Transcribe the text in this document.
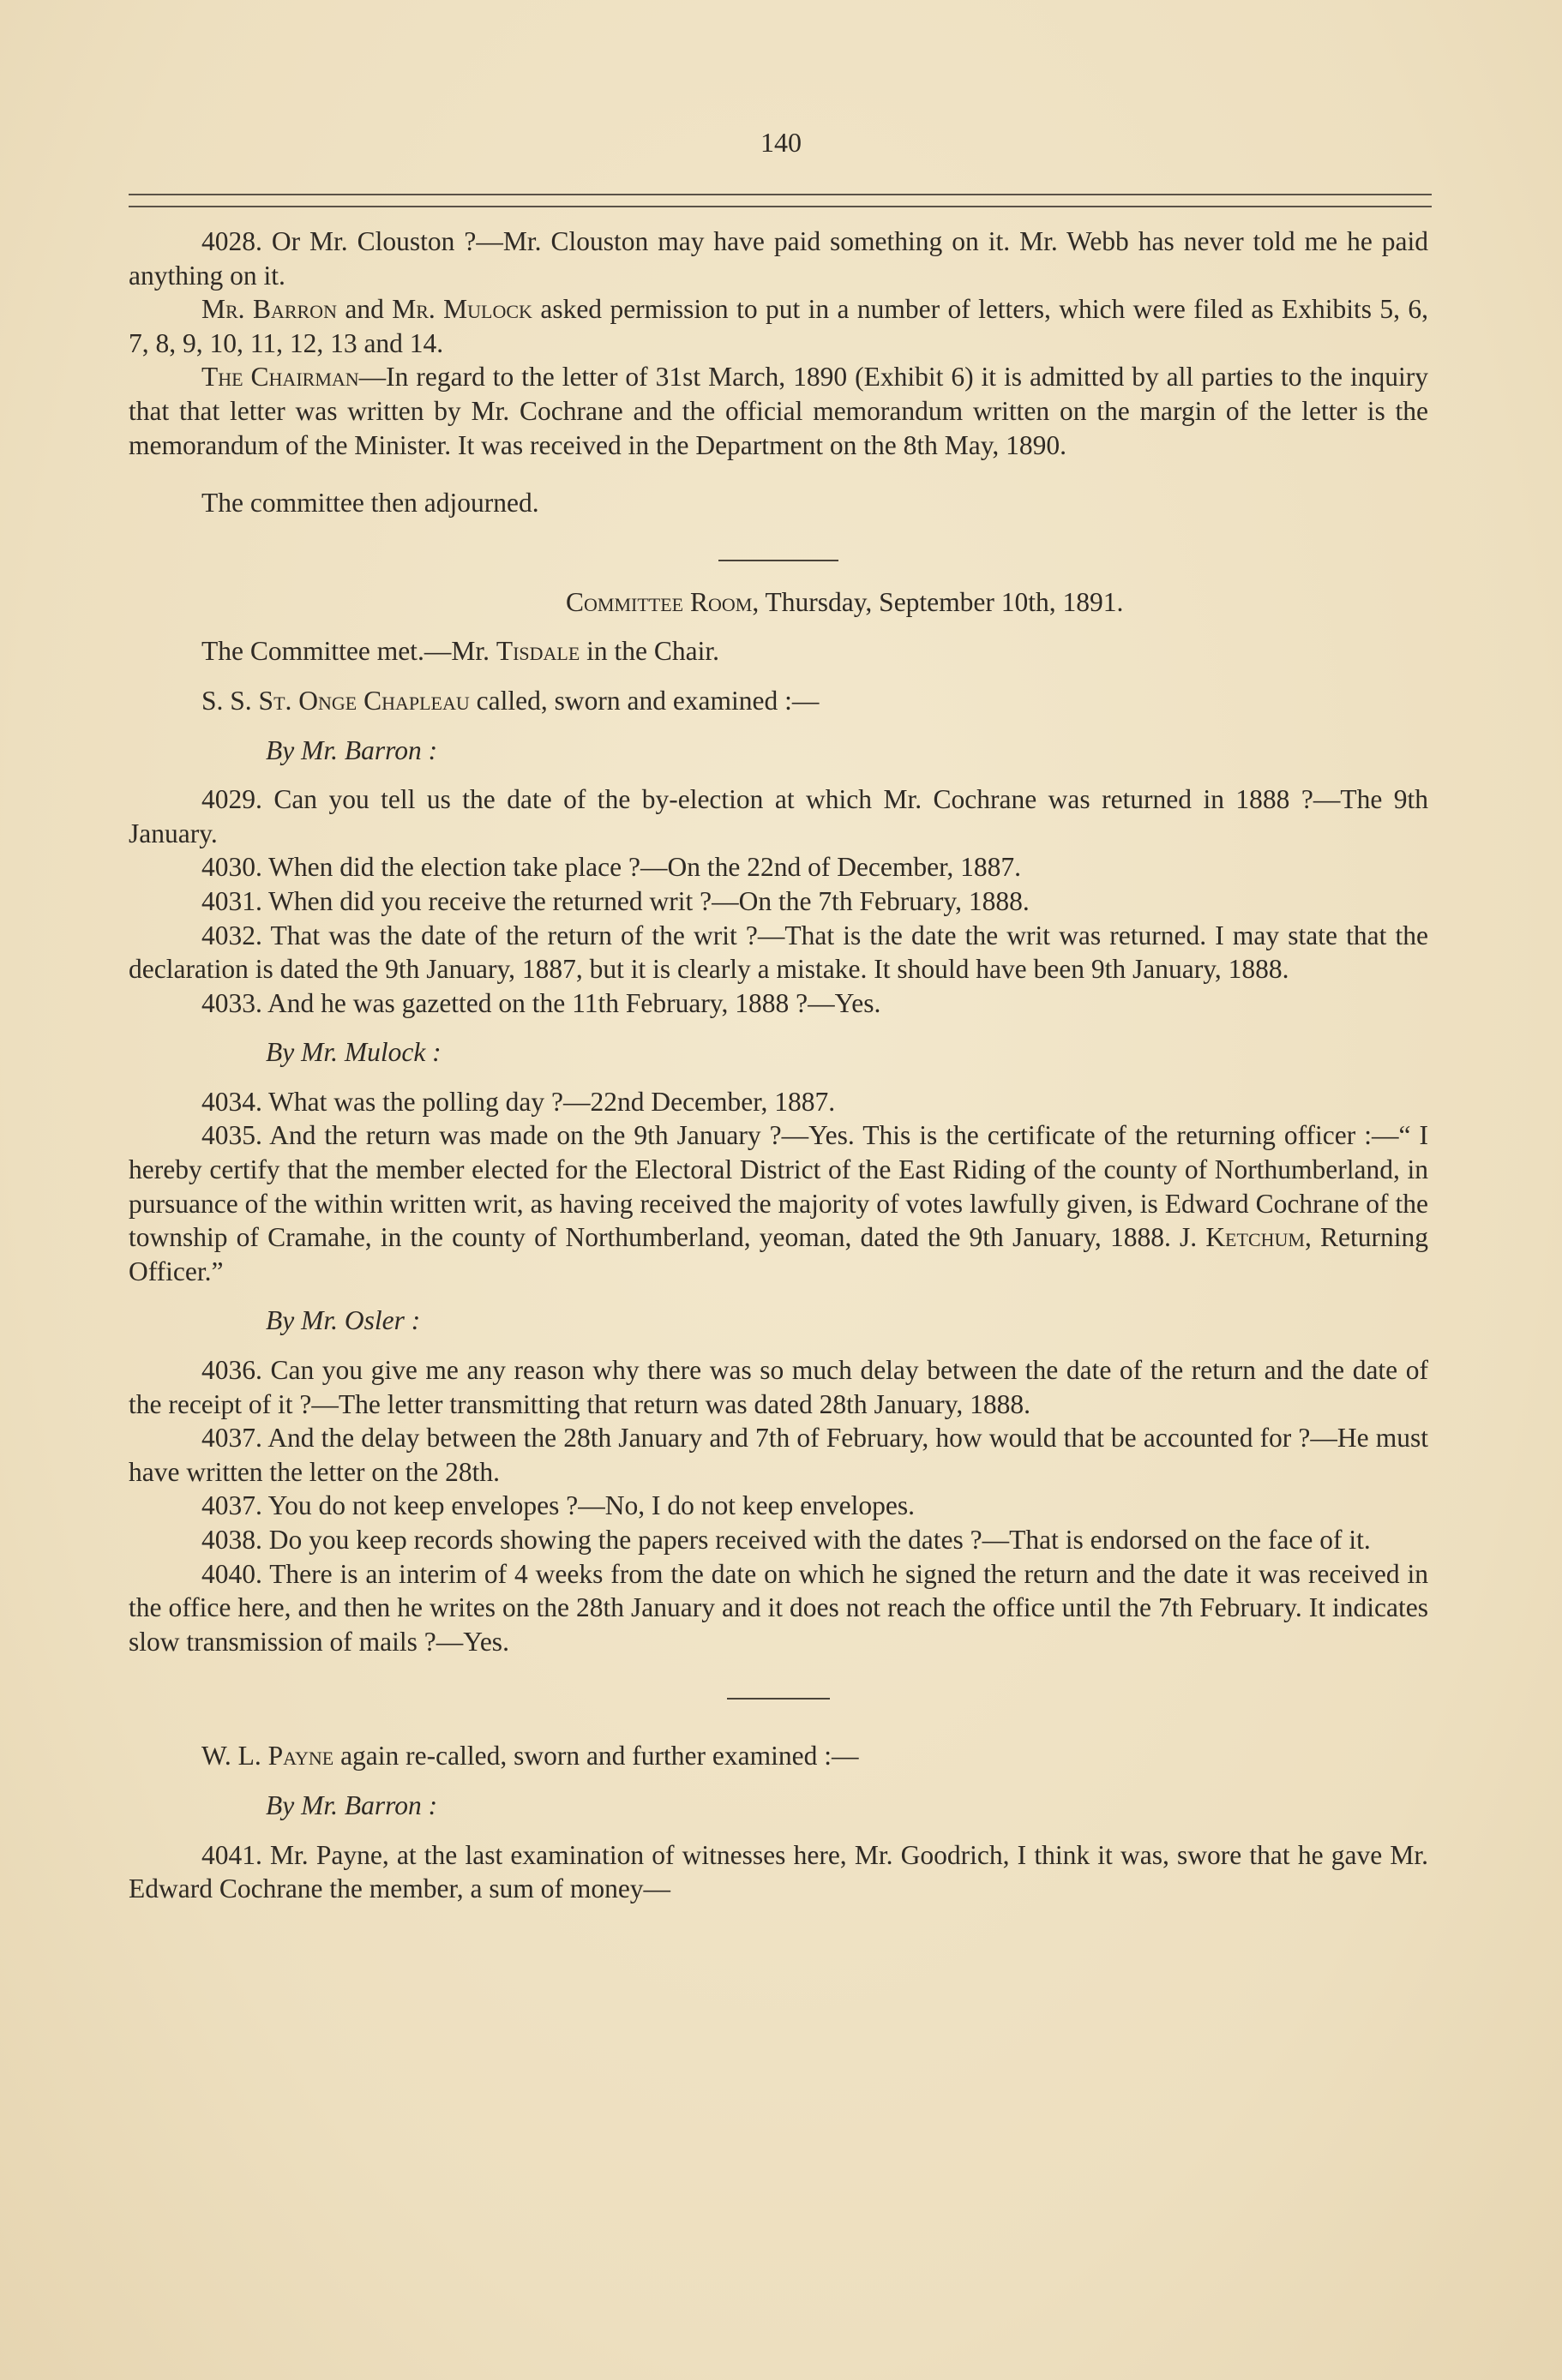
140

4028. Or Mr. Clouston ?—Mr. Clouston may have paid something on it. Mr. Webb has never told me he paid anything on it.

Mr. Barron and Mr. Mulock asked permission to put in a number of letters, which were filed as Exhibits 5, 6, 7, 8, 9, 10, 11, 12, 13 and 14.

The Chairman—In regard to the letter of 31st March, 1890 (Exhibit 6) it is admitted by all parties to the inquiry that that letter was written by Mr. Cochrane and the official memorandum written on the margin of the letter is the memorandum of the Minister. It was received in the Department on the 8th May, 1890.

The committee then adjourned.

Committee Room, Thursday, September 10th, 1891.

The Committee met.—Mr. Tisdale in the Chair.

S. S. St. Onge Chapleau called, sworn and examined :—

By Mr. Barron :

4029. Can you tell us the date of the by-election at which Mr. Cochrane was returned in 1888 ?—The 9th January.

4030. When did the election take place ?—On the 22nd of December, 1887.

4031. When did you receive the returned writ ?—On the 7th February, 1888.

4032. That was the date of the return of the writ ?—That is the date the writ was returned. I may state that the declaration is dated the 9th January, 1887, but it is clearly a mistake. It should have been 9th January, 1888.

4033. And he was gazetted on the 11th February, 1888 ?—Yes.

By Mr. Mulock :

4034. What was the polling day ?—22nd December, 1887.

4035. And the return was made on the 9th January ?—Yes. This is the certificate of the returning officer :—“ I hereby certify that the member elected for the Electoral District of the East Riding of the county of Northumberland, in pursuance of the within written writ, as having received the majority of votes lawfully given, is Edward Cochrane of the township of Cramahe, in the county of Northumberland, yeoman, dated the 9th January, 1888. J. Ketchum, Returning Officer.”

By Mr. Osler :

4036. Can you give me any reason why there was so much delay between the date of the return and the date of the receipt of it ?—The letter transmitting that return was dated 28th January, 1888.

4037. And the delay between the 28th January and 7th of February, how would that be accounted for ?—He must have written the letter on the 28th.

4037. You do not keep envelopes ?—No, I do not keep envelopes.

4038. Do you keep records showing the papers received with the dates ?—That is endorsed on the face of it.

4040. There is an interim of 4 weeks from the date on which he signed the return and the date it was received in the office here, and then he writes on the 28th January and it does not reach the office until the 7th February. It indicates slow transmission of mails ?—Yes.

W. L. Payne again re-called, sworn and further examined :—

By Mr. Barron :

4041. Mr. Payne, at the last examination of witnesses here, Mr. Goodrich, I think it was, swore that he gave Mr. Edward Cochrane the member, a sum of money—
